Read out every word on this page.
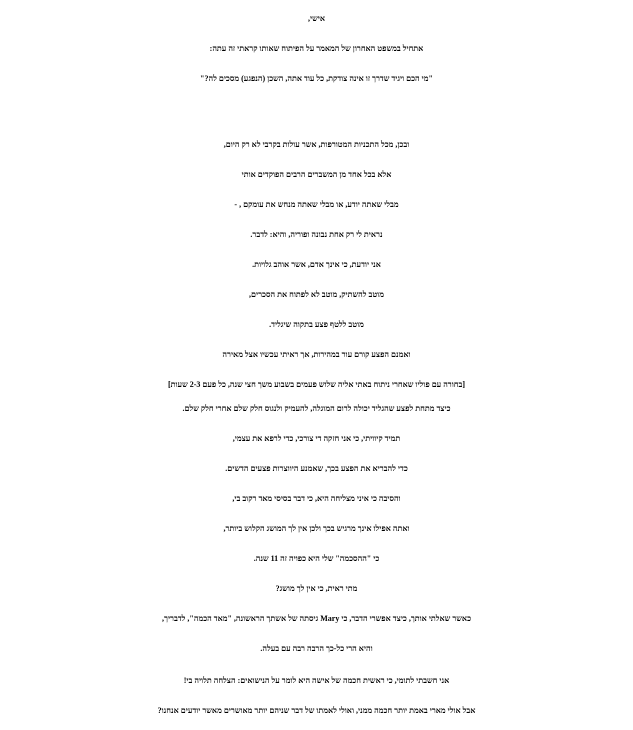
אישי,
אתחיל במשפט האחרון של המאמר על הפיתוח שאותו קראתי זה עתה:
"מי הכם ויגיד שדרך זו אינה צודקת, כל עוד אתה, השכן (הנפגע) מסכים לה?"
ובכן, מכל התכניות המטורפות, אשר עולות בקרבי לא רק היום,
אלא בכל אחד מן המשברים הרבים הפוקדים אותי
מבלי שאתה יודע, או מבלי שאתה מנחש את עומקם , -
נראית לי רק אחת נבונה ופוריה, והיא: לדבר.
אני יודעת, כי אינך אדם, אשר אוהב גלויות.
מוטב להשתיק, מוטב לא לפתוח את הסכרים,
מוטב ללטף פצע בתקוה שיגליד.
ואמנם הפצע קורם עור במהירות, אך ראיתי עכשיו אצל מאירה
[בחורה עם פוליו שאחרי ניתוח באתי אליה שלוש פעמים בשבוע משך חצי שנה, כל פעם 2-3 שעות]
כיצד מתחת לפצע שהגליד יכולה לרום המוגלה, להעמיק ולנגוס חלק שלם אחרי חלק שלם.
תמיד קיוויתי, כי אני חזקה די צורכי, כדי לרפא את עצמי,
כדי להבריא את הפצע בכך, שאמנע היווצרות פצעים הדשים.
והסיבה כי איני מצליחה היא, כי דבר בסיסי מאד רקוב בי,
ואתה אפילו אינך מרגיש בכך ולכן אין לך המושג הקלוש ביותר,
כי "ההסכמה" שלי היא כפויה זה 11 שנה.
מתי ראית, כי אין לך מושג?
כאשר שאלתי אותך, כיצד אפשרי הדבר, כי Mary גיסתה של אשתך הראשונה, "מאד הכמה", לדבריך,
והיא הרי כל-כך הרבה רבה עם בעלה.
אני חשבתי לתומי, כי ראשית חכמה של אישה היא לומר על הנישואים: הצלחה תלויה בי!
אבל אולי מארי באמת יותר חכמה ממני, ואולי לאמתו של דבר שניהם יותר מאושרים מאשר יודעים אנחנו?
